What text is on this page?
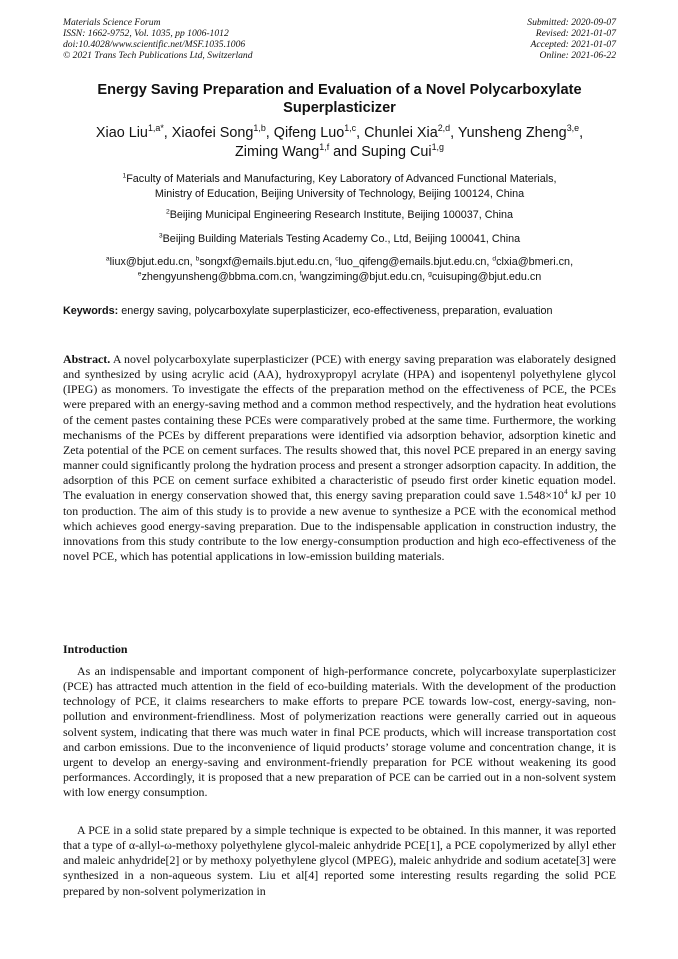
Materials Science Forum
ISSN: 1662-9752, Vol. 1035, pp 1006-1012
doi:10.4028/www.scientific.net/MSF.1035.1006
© 2021 Trans Tech Publications Ltd, Switzerland
Submitted: 2020-09-07
Revised: 2021-01-07
Accepted: 2021-01-07
Online: 2021-06-22
Energy Saving Preparation and Evaluation of a Novel Polycarboxylate Superplasticizer
Xiao Liu$^{1,a*}$, Xiaofei Song$^{1,b}$, Qifeng Luo$^{1,c}$, Chunlei Xia$^{2,d}$, Yunsheng Zheng$^{3,e}$,
Ziming Wang$^{1,f}$ and Suping Cui$^{1,g}$
$^1$Faculty of Materials and Manufacturing, Key Laboratory of Advanced Functional Materials,
Ministry of Education, Beijing University of Technology, Beijing 100124, China
$^2$Beijing Municipal Engineering Research Institute, Beijing 100037, China
$^3$Beijing Building Materials Testing Academy Co., Ltd, Beijing 100041, China
$^a$liux@bjut.edu.cn, $^b$songxf@emails.bjut.edu.cn, $^c$luo_qifeng@emails.bjut.edu.cn, $^d$clxia@bmeri.cn,
$^e$zhengyunsheng@bbma.com.cn, $^f$wangziming@bjut.edu.cn, $^g$cuisuping@bjut.edu.cn
Keywords: energy saving, polycarboxylate superplasticizer, eco-effectiveness, preparation, evaluation
Abstract. A novel polycarboxylate superplasticizer (PCE) with energy saving preparation was elaborately designed and synthesized by using acrylic acid (AA), hydroxypropyl acrylate (HPA) and isopentenyl polyethylene glycol (IPEG) as monomers. To investigate the effects of the preparation method on the effectiveness of PCE, the PCEs were prepared with an energy-saving method and a common method respectively, and the hydration heat evolutions of the cement pastes containing these PCEs were comparatively probed at the same time. Furthermore, the working mechanisms of the PCEs by different preparations were identified via adsorption behavior, adsorption kinetic and Zeta potential of the PCE on cement surfaces. The results showed that, this novel PCE prepared in an energy saving manner could significantly prolong the hydration process and present a stronger adsorption capacity. In addition, the adsorption of this PCE on cement surface exhibited a characteristic of pseudo first order kinetic equation model. The evaluation in energy conservation showed that, this energy saving preparation could save $1.548\times 10^4$ kJ per 10 ton production. The aim of this study is to provide a new avenue to synthesize a PCE with the economical method which achieves good energy-saving preparation. Due to the indispensable application in construction industry, the innovations from this study contribute to the low energy-consumption production and high eco-effectiveness of the novel PCE, which has potential applications in low-emission building materials.
Introduction

As an indispensable and important component of high-performance concrete, polycarboxylate superplasticizer (PCE) has attracted much attention in the field of eco-building materials. With the development of the production technology of PCE, it claims researchers to make efforts to prepare PCE towards low-cost, energy-saving, non-pollution and environment-friendliness. Most of polymerization reactions were generally carried out in aqueous solvent system, indicating that there was much water in final PCE products, which will increase transportation cost and carbon emissions. Due to the inconvenience of liquid products’ storage volume and concentration change, it is urgent to develop an energy-saving and environment-friendly preparation for PCE without weakening its good performances. Accordingly, it is proposed that a new preparation of PCE can be carried out in a non-solvent system with low energy consumption.

A PCE in a solid state prepared by a simple technique is expected to be obtained. In this manner, it was reported that a type of α-allyl-ω-methoxy polyethylene glycol-maleic anhydride PCE[1], a PCE copolymerized by allyl ether and maleic anhydride[2] or by methoxy polyethylene glycol (MPEG), maleic anhydride and sodium acetate[3] were synthesized in a non-aqueous system. Liu et al[4] reported some interesting results regarding the solid PCE prepared by non-solvent polymerization in
